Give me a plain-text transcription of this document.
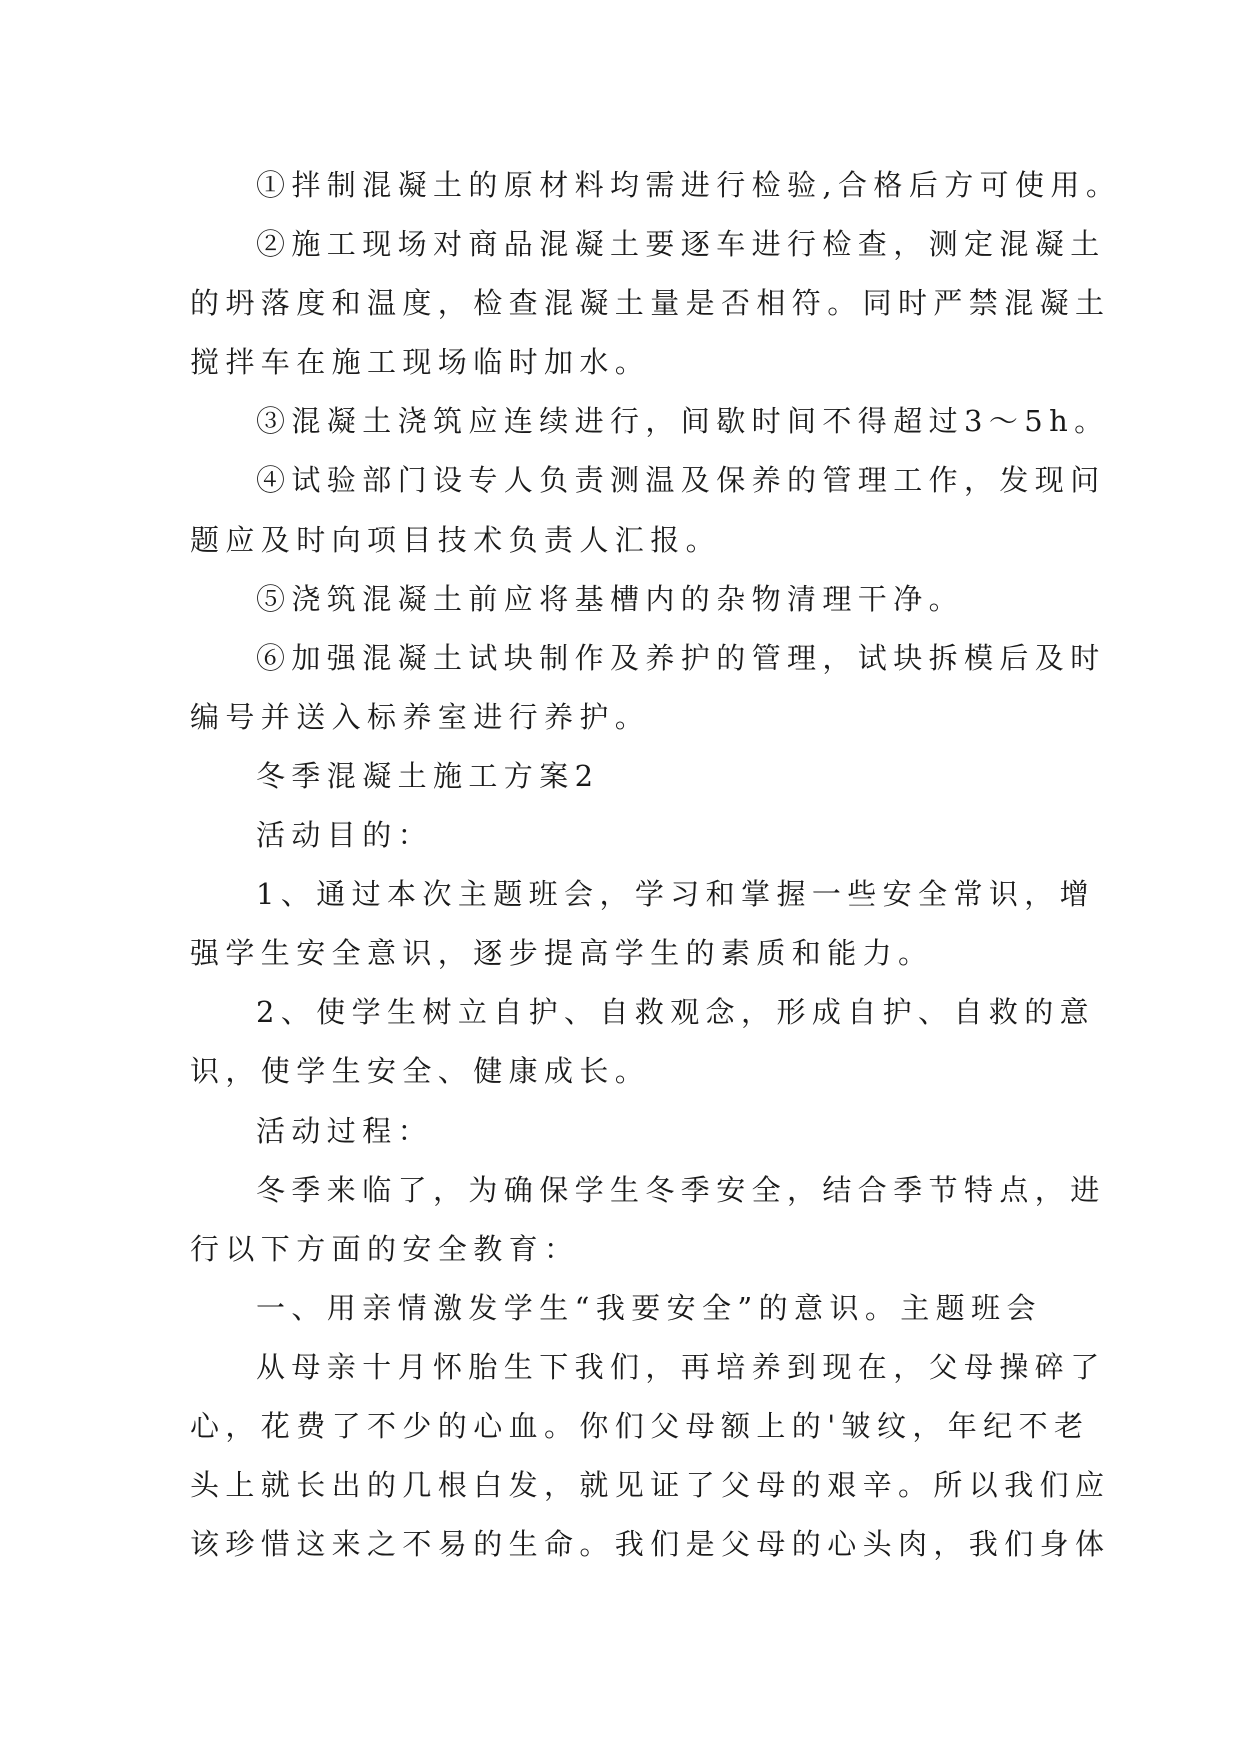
①拌制混凝土的原材料均需进行检验,合格后方可使用。
②施工现场对商品混凝土要逐车进行检查，测定混凝土
的坍落度和温度，检查混凝土量是否相符。同时严禁混凝土
搅拌车在施工现场临时加水。
③混凝土浇筑应连续进行，间歇时间不得超过3～5h。
④试验部门设专人负责测温及保养的管理工作，发现问
题应及时向项目技术负责人汇报。
⑤浇筑混凝土前应将基槽内的杂物清理干净。
⑥加强混凝土试块制作及养护的管理，试块拆模后及时
编号并送入标养室进行养护。
冬季混凝土施工方案2
活动目的：
1、通过本次主题班会，学习和掌握一些安全常识，增
强学生安全意识，逐步提高学生的素质和能力。
2、使学生树立自护、自救观念，形成自护、自救的意
识，使学生安全、健康成长。
活动过程：
冬季来临了，为确保学生冬季安全，结合季节特点，进
行以下方面的安全教育：
一、用亲情激发学生“我要安全”的意识。主题班会
从母亲十月怀胎生下我们，再培养到现在，父母操碎了
心，花费了不少的心血。你们父母额上的'皱纹，年纪不老
头上就长出的几根白发，就见证了父母的艰辛。所以我们应
该珍惜这来之不易的生命。我们是父母的心头肉，我们身体
